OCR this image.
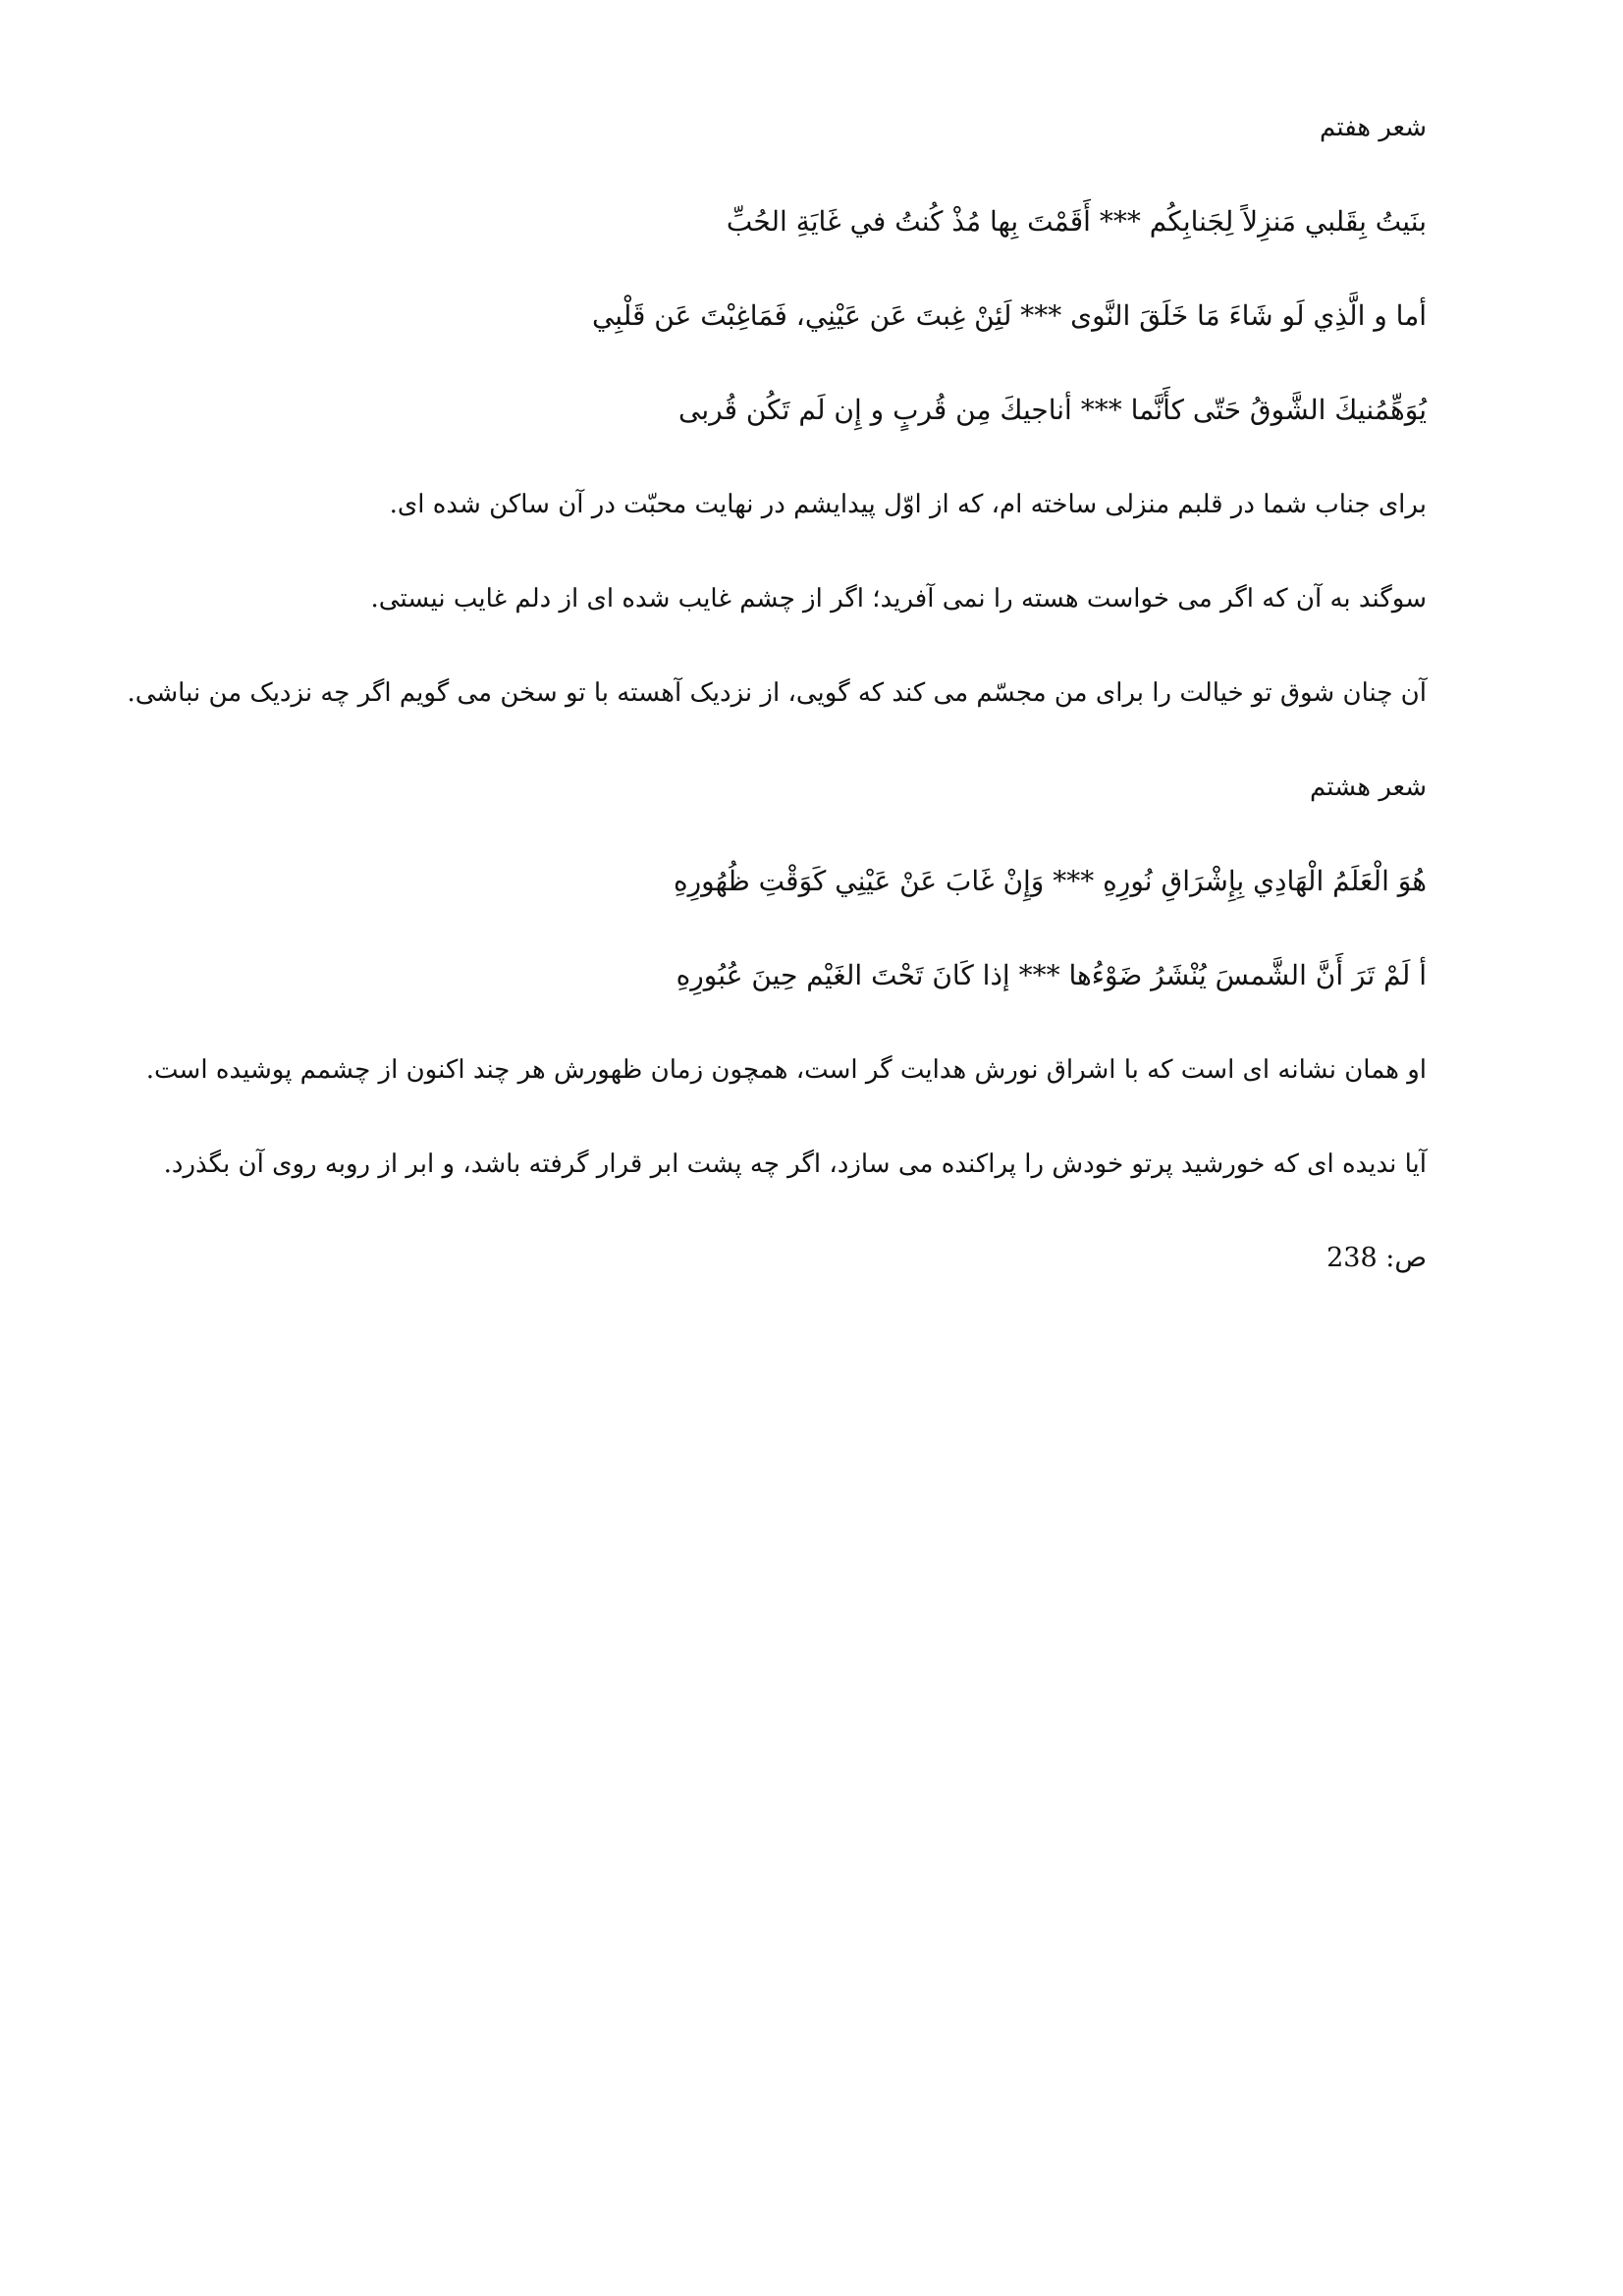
شعر هفتم
بنَيتُ بِقَلبي مَنزِلاً لِجَنابِكُم *** أَقَمْتَ بِها مُذْ كُنتُ في غَايَةِ الحُبِّ
أما و الَّذِي لَو شَاءَ مَا خَلَقَ النَّوى *** لَئِنْ غِبتَ عَن عَيْنِي، فَمَاغِبْتَ عَن قَلْبِي
يُوَهِّمُنيكَ الشَّوقُ حَتّى كأَنَّما *** أناجيكَ مِن قُربٍ و إِن لَم تَكُن قُربى
برای جناب شما در قلبم منزلی ساخته ام، که از اوّل پیدایشم در نهایت محبّت در آن ساکن شده ای.
سوگند به آن که اگر می خواست هسته را نمی آفرید؛ اگر از چشم غایب شده ای از دلم غایب نیستی.
آن چنان شوق تو خیالت را برای من مجسّم می کند که گویی، از نزدیک آهسته با تو سخن می گویم اگر چه نزدیک من نباشی.
شعر هشتم
هُوَ الْعَلَمُ الْهَادِي بِإِشْرَاقِ نُورِهِ *** وَإِنْ غَابَ عَنْ عَيْنِي كَوَقْتِ ظُهُورِهِ
أ لَمْ تَرَ أَنَّ الشَّمسَ يُنْشَرُ ضَوْءُها *** إذا كَانَ تَحْتَ الغَيْم حِينَ عُبُورِهِ
او همان نشانه ای است که با اشراق نورش هدایت گر است، همچون زمان ظهورش هر چند اکنون از چشمم پوشیده است.
آیا ندیده ای که خورشید پرتو خودش را پراکنده می سازد، اگر چه پشت ابر قرار گرفته باشد، و ابر از روبه روی آن بگذرد.
ص: 238
